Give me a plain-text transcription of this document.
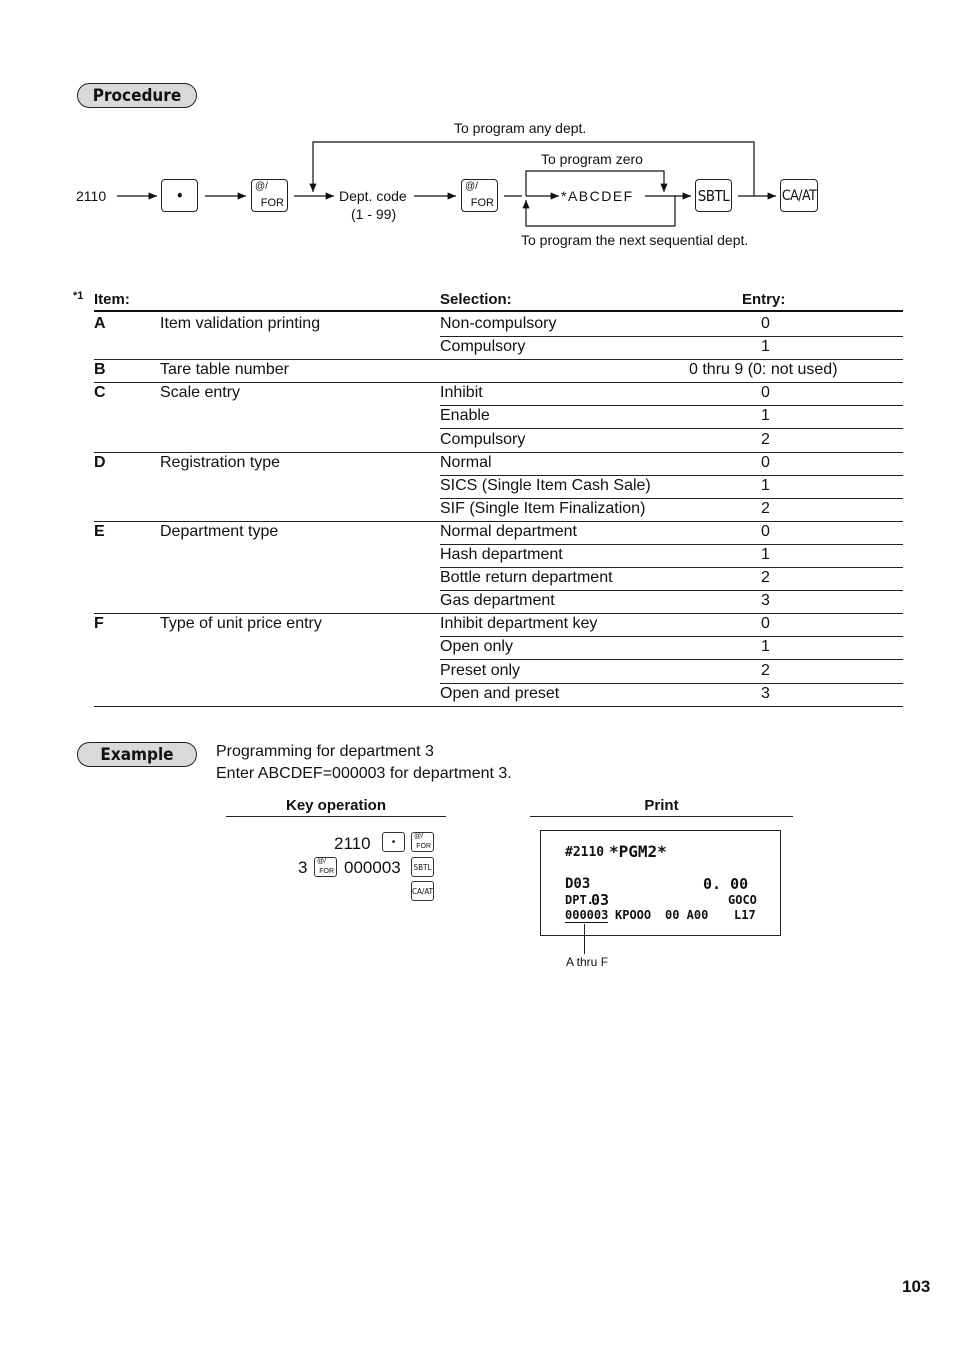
Procedure
2110	•	@/
FOR	Dept. code
(1 - 99)
@/
FOR	*ABCDEF	SBTL	CA/AT
To program any dept.
To program zero
To program the next sequential dept.
*1 Item:	Selection:	Entry:
A	Item validation printing	Non-compulsory	0
Compulsory	1
B	Tare table number	0 thru 9 (0: not used)
C	Scale entry	Inhibit	0
Enable	1
Compulsory	2
D	Registration type	Normal	0
SICS (Single Item Cash Sale)	1
SIF (Single Item Finalization)	2
E	Department type	Normal department	0
Hash department	1
Bottle return department	2
Gas department	3
F	Type of unit price entry	Inhibit department key	0
Open only	1
Preset only	2
Open and preset	3
Example	Programming for department 3
Enter ABCDEF=000003 for department 3.
Key operation	Print
2110	•	@/
FOR
3 @/
FOR 000003 SBTL
CA/AT
#2110 *PGM2*
D03	0. 00
DPT.
03	GOCO
000003 KPOOO 00 A00 L17
A thru F
103
